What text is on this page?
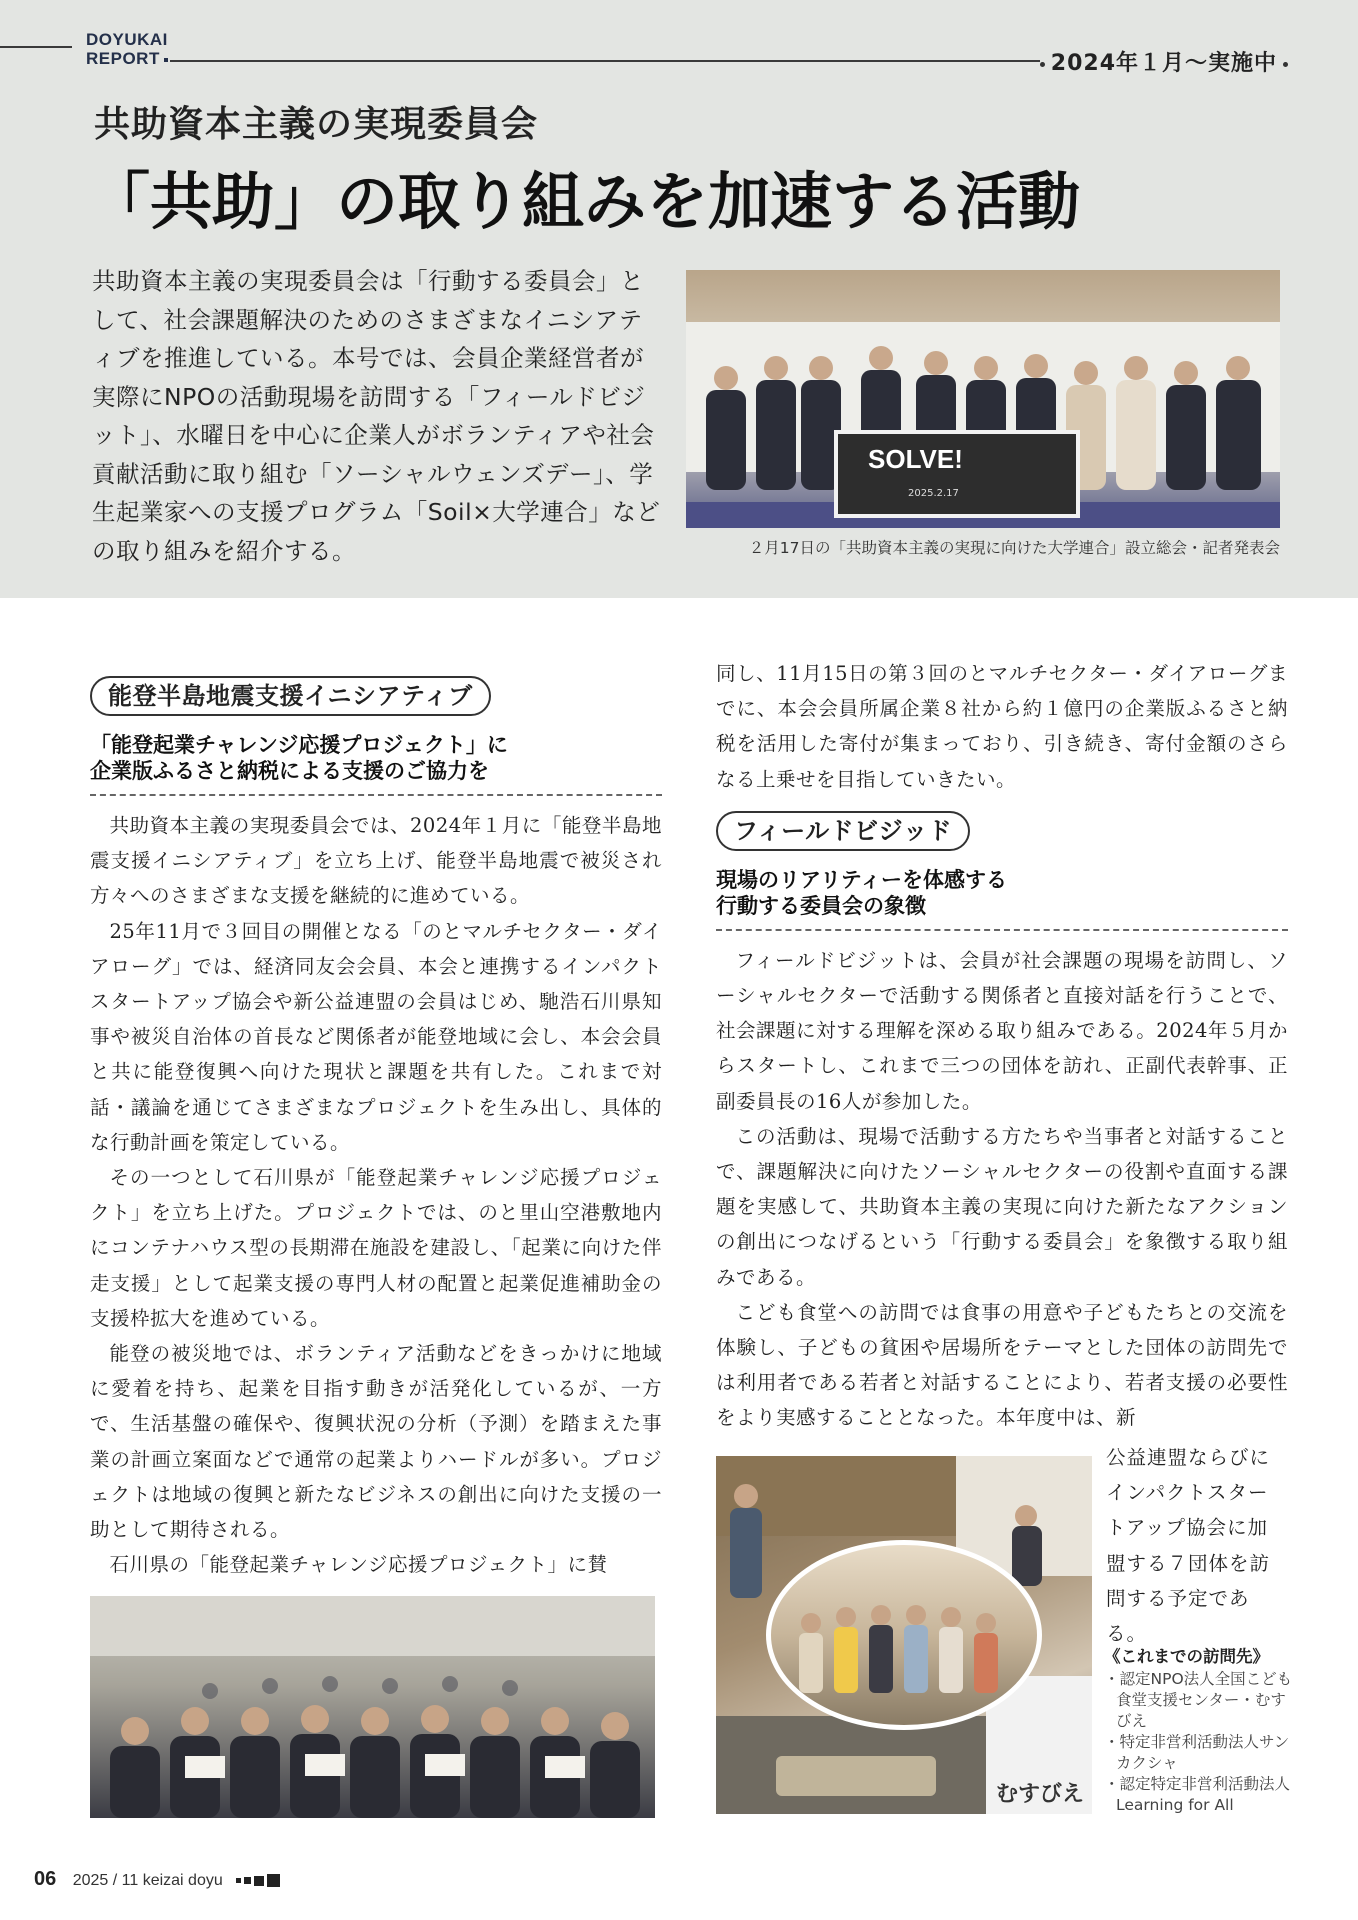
DOYUKAI
REPORT	2024年１月〜実施中
共助資本主義の実現委員会
「共助」の取り組みを加速する活動
共助資本主義の実現委員会は「行動する委員会」として、社会課題解決のためのさまざまなイニシアティブを推進している。本号では、会員企業経営者が実際にNPOの活動現場を訪問する「フィールドビジット」、水曜日を中心に企業人がボランティアや社会貢献活動に取り組む「ソーシャルウェンズデー」、学生起業家への支援プログラム「Soil×大学連合」などの取り組みを紹介する。
SOLVE!
2025.2.17
２月17日の「共助資本主義の実現に向けた大学連合」設立総会・記者発表会
能登半島地震支援イニシアティブ
「能登起業チャレンジ応援プロジェクト」に
企業版ふるさと納税による支援のご協力を

共助資本主義の実現委員会では、2024年１月に「能登半島地震支援イニシアティブ」を立ち上げ、能登半島地震で被災され方々へのさまざまな支援を継続的に進めている。

25年11月で３回目の開催となる「のとマルチセクター・ダイアローグ」では、経済同友会会員、本会と連携するインパクトスタートアップ協会や新公益連盟の会員はじめ、馳浩石川県知事や被災自治体の首長など関係者が能登地域に会し、本会会員と共に能登復興へ向けた現状と課題を共有した。これまで対話・議論を通じてさまざまなプロジェクトを生み出し、具体的な行動計画を策定している。

その一つとして石川県が「能登起業チャレンジ応援プロジェクト」を立ち上げた。プロジェクトでは、のと里山空港敷地内にコンテナハウス型の長期滞在施設を建設し、「起業に向けた伴走支援」として起業支援の専門人材の配置と起業促進補助金の支援枠拡大を進めている。

能登の被災地では、ボランティア活動などをきっかけに地域に愛着を持ち、起業を目指す動きが活発化しているが、一方で、生活基盤の確保や、復興状況の分析（予測）を踏まえた事業の計画立案面などで通常の起業よりハードルが多い。プロジェクトは地域の復興と新たなビジネスの創出に向けた支援の一助として期待される。

石川県の「能登起業チャレンジ応援プロジェクト」に賛

同し、11月15日の第３回のとマルチセクター・ダイアローグまでに、本会会員所属企業８社から約１億円の企業版ふるさと納税を活用した寄付が集まっており、引き続き、寄付金額のさらなる上乗せを目指していきたい。
フィールドビジッド
現場のリアリティーを体感する
行動する委員会の象徴

フィールドビジットは、会員が社会課題の現場を訪問し、ソーシャルセクターで活動する関係者と直接対話を行うことで、社会課題に対する理解を深める取り組みである。2024年５月からスタートし、これまで三つの団体を訪れ、正副代表幹事、正副委員長の16人が参加した。

この活動は、現場で活動する方たちや当事者と対話することで、課題解決に向けたソーシャルセクターの役割や直面する課題を実感して、共助資本主義の実現に向けた新たなアクションの創出につなげるという「行動する委員会」を象徴する取り組みである。

こども食堂への訪問では食事の用意や子どもたちとの交流を体験し、子どもの貧困や居場所をテーマとした団体の訪問先では利用者である若者と対話することにより、若者支援の必要性をより実感することとなった。本年度中は、新

むすびえ
公益連盟ならびにインパクトスタートアップ協会に加盟する７団体を訪問する予定である。
《これまでの訪問先》
・認定NPO法人全国こども食堂支援センター・むすびえ
・特定非営利活動法人サンカクシャ
・認定特定非営利活動法人Learning for All
06 2025 / 11 keizai doyu
